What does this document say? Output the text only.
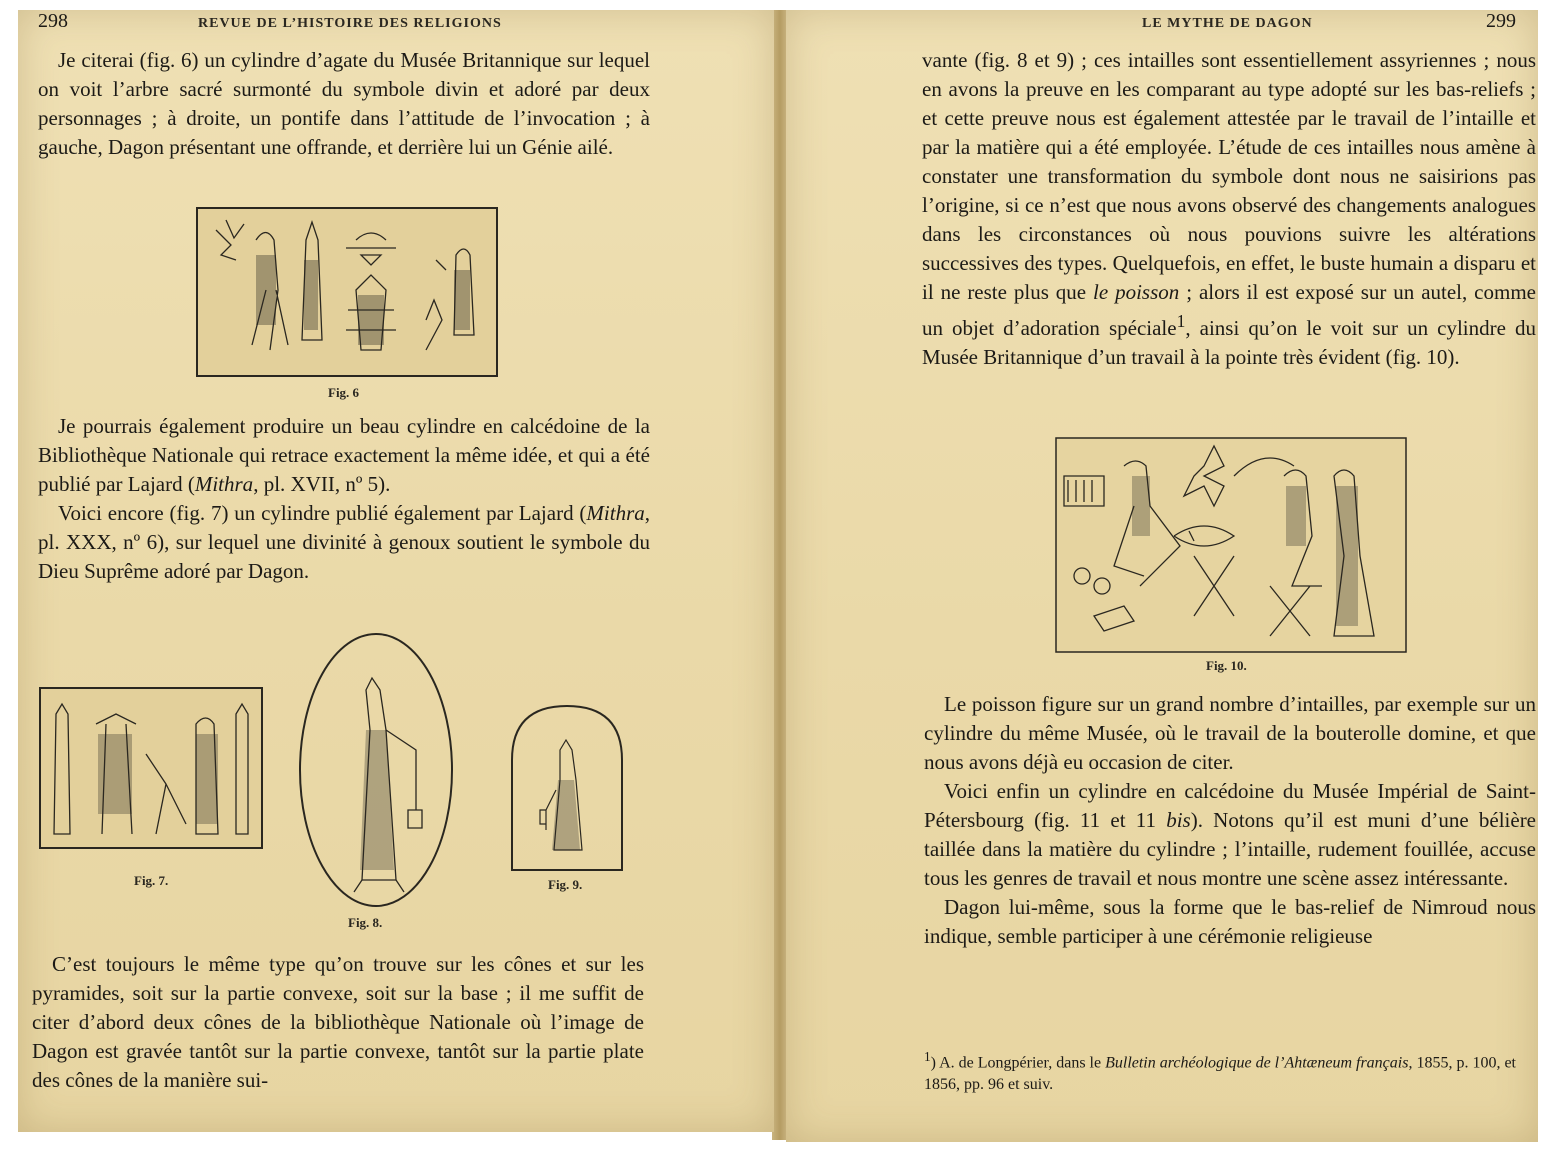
298	REVUE DE L’HISTOIRE DES RELIGIONS

Je citerai (fig. 6) un cylindre d’agate du Musée Britannique sur lequel on voit l’arbre sacré surmonté du symbole divin et adoré par deux personnages ; à droite, un pontife dans l’attitude de l’invocation ; à gauche, Dagon présentant une offrande, et derrière lui un Génie ailé.

Fig. 6

Je pourrais également produire un beau cylindre en calcédoine de la Bibliothèque Nationale qui retrace exactement la même idée, et qui a été publié par Lajard (Mithra, pl. XVII, nº 5).

Voici encore (fig. 7) un cylindre publié également par Lajard (Mithra, pl. XXX, nº 6), sur lequel une divinité à genoux soutient le symbole du Dieu Suprême adoré par Dagon.

Fig. 7.
Fig. 8.
Fig. 9.

C’est toujours le même type qu’on trouve sur les cônes et sur les pyramides, soit sur la partie convexe, soit sur la base ; il me suffit de citer d’abord deux cônes de la bibliothèque Nationale où l’image de Dagon est gravée tantôt sur la partie convexe, tantôt sur la partie plate des cônes de la manière sui-

LE MYTHE DE DAGON	299

vante (fig. 8 et 9) ; ces intailles sont essentiellement assyriennes ; nous en avons la preuve en les comparant au type adopté sur les bas-reliefs ; et cette preuve nous est également attestée par le travail de l’intaille et par la matière qui a été employée. L’étude de ces intailles nous amène à constater une transformation du symbole dont nous ne saisirions pas l’origine, si ce n’est que nous avons observé des changements analogues dans les circonstances où nous pouvions suivre les altérations successives des types. Quelquefois, en effet, le buste humain a disparu et il ne reste plus que le poisson ; alors il est exposé sur un autel, comme un objet d’adoration spéciale$^1$, ainsi qu’on le voit sur un cylindre du Musée Britannique d’un travail à la pointe très évident (fig. 10).

Fig. 10.

Le poisson figure sur un grand nombre d’intailles, par exemple sur un cylindre du même Musée, où le travail de la bouterolle domine, et que nous avons déjà eu occasion de citer.

Voici enfin un cylindre en calcédoine du Musée Impérial de Saint-Pétersbourg (fig. 11 et 11 bis). Notons qu’il est muni d’une bélière taillée dans la matière du cylindre ; l’intaille, rudement fouillée, accuse tous les genres de travail et nous montre une scène assez intéressante.

Dagon lui-même, sous la forme que le bas-relief de Nimroud nous indique, semble participer à une cérémonie religieuse

$^1$) A. de Longpérier, dans le Bulletin archéologique de l’Ahtæneum français, 1855, p. 100, et 1856, pp. 96 et suiv.
